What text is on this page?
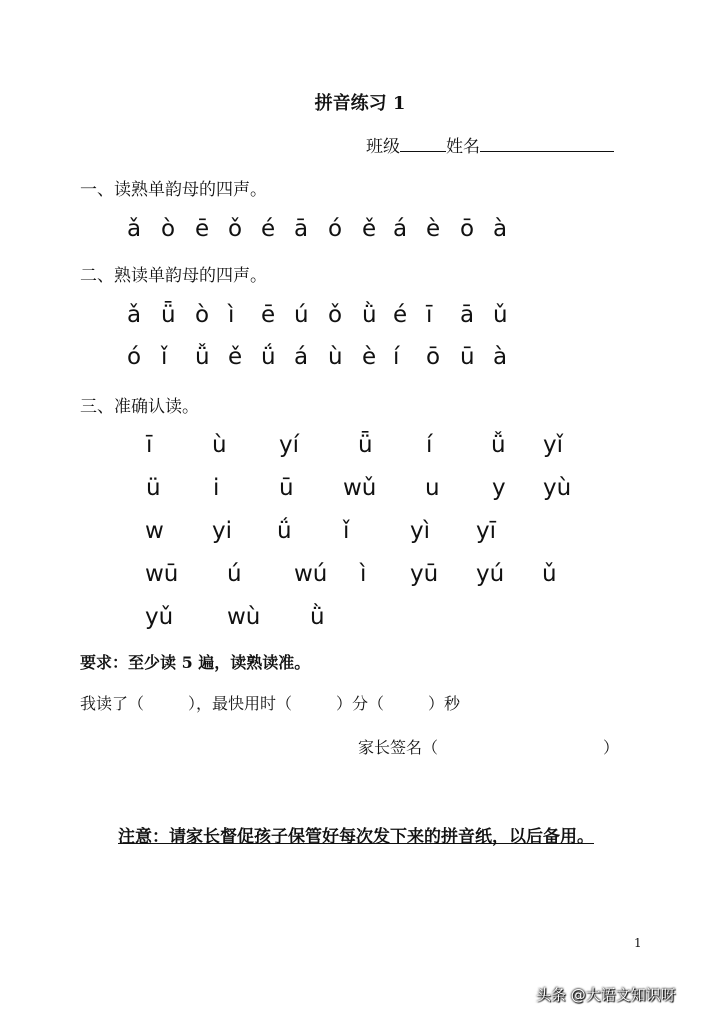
拼音练习 1
班级	姓名
一、读熟单韵母的四声。
ǎ ò ē ǒ é ā ó ě á è ō à
二、熟读单韵母的四声。
ǎ ǖ ò ì ē ú ǒ ǜ é ī ā ǔ
ó ǐ ǚ ě ǘ á ù è í ō ū à
三、准确认读。
ī	ù yí	ǖ í	ǚ yǐ
ü i	ū wǔ u y yù
w yi ǘ ǐ	yì yī
wū ú wú ì yū yú ǔ
yǔ wù ǜ
要求：至少读 5 遍，读熟读准。
我读了（	），最快用时（	）分（	）秒
家长签名（	）
注意：请家长督促孩子保管好每次发下来的拼音纸，以后备用。
1
头条 @大语文知识呀
